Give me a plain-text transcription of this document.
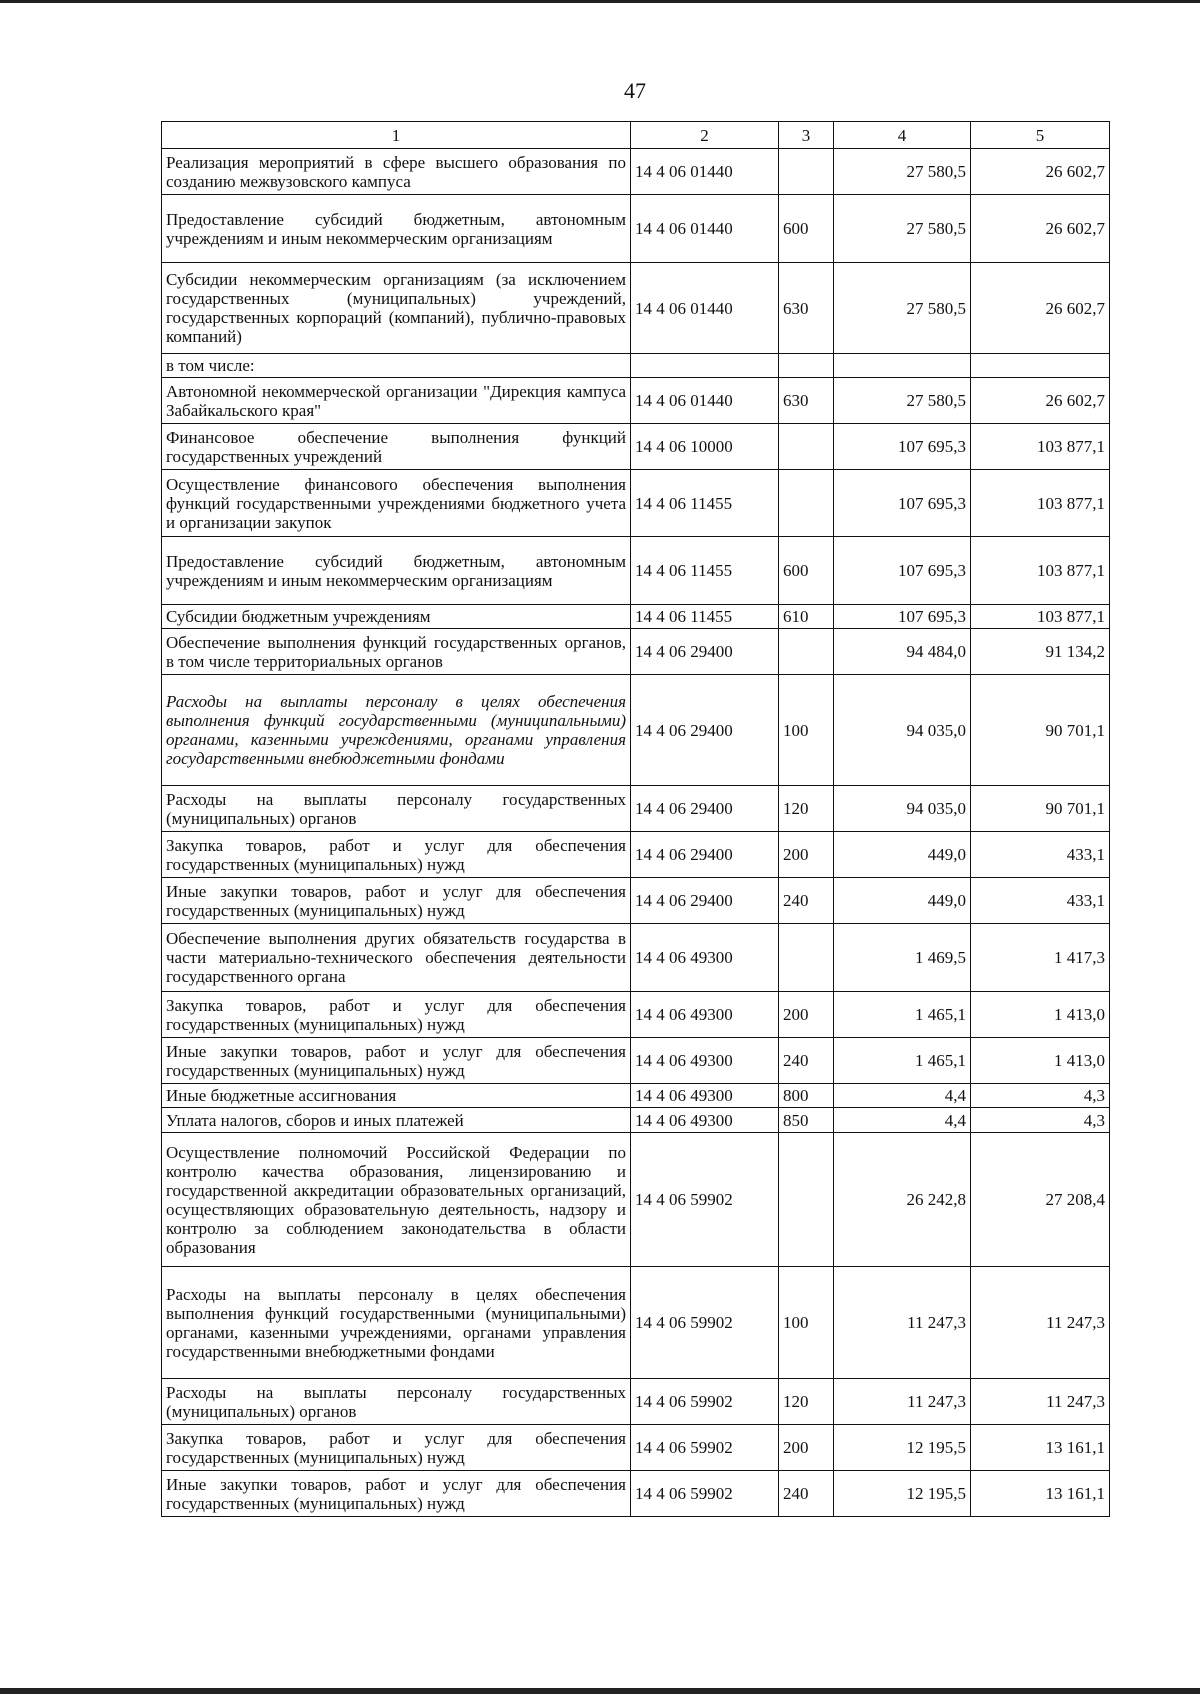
47
1	2	3	4	5
Реализация мероприятий в сфере высшего образования по созданию межвузовского кампуса	14 4 06 01440		27 580,5	26 602,7
Предоставление субсидий бюджетным, автономным учреждениям и иным некоммерческим организациям	14 4 06 01440	600	27 580,5	26 602,7
Субсидии некоммерческим организациям (за исключением государственных (муниципальных) учреждений, государственных корпораций (компаний), публично-правовых компаний)	14 4 06 01440	630	27 580,5	26 602,7
в том числе:				
Автономной некоммерческой организации "Дирекция кампуса Забайкальского края"	14 4 06 01440	630	27 580,5	26 602,7
Финансовое обеспечение выполнения функций государственных учреждений	14 4 06 10000		107 695,3	103 877,1
Осуществление финансового обеспечения выполнения функций государственными учреждениями бюджетного учета и организации закупок	14 4 06 11455		107 695,3	103 877,1
Предоставление субсидий бюджетным, автономным учреждениям и иным некоммерческим организациям	14 4 06 11455	600	107 695,3	103 877,1
Субсидии бюджетным учреждениям	14 4 06 11455	610	107 695,3	103 877,1
Обеспечение выполнения функций государственных органов, в том числе территориальных органов	14 4 06 29400		94 484,0	91 134,2
Расходы на выплаты персоналу в целях обеспечения выполнения функций государственными (муниципальными) органами, казенными учреждениями, органами управления государственными внебюджетными фондами	14 4 06 29400	100	94 035,0	90 701,1
Расходы на выплаты персоналу государственных (муниципальных) органов	14 4 06 29400	120	94 035,0	90 701,1
Закупка товаров, работ и услуг для обеспечения государственных (муниципальных) нужд	14 4 06 29400	200	449,0	433,1
Иные закупки товаров, работ и услуг для обеспечения государственных (муниципальных) нужд	14 4 06 29400	240	449,0	433,1
Обеспечение выполнения других обязательств государства в части материально-технического обеспечения деятельности государственного органа	14 4 06 49300		1 469,5	1 417,3
Закупка товаров, работ и услуг для обеспечения государственных (муниципальных) нужд	14 4 06 49300	200	1 465,1	1 413,0
Иные закупки товаров, работ и услуг для обеспечения государственных (муниципальных) нужд	14 4 06 49300	240	1 465,1	1 413,0
Иные бюджетные ассигнования	14 4 06 49300	800	4,4	4,3
Уплата налогов, сборов и иных платежей	14 4 06 49300	850	4,4	4,3
Осуществление полномочий Российской Федерации по контролю качества образования, лицензированию и государственной аккредитации образовательных организаций, осуществляющих образовательную деятельность, надзору и контролю за соблюдением законодательства в области образования	14 4 06 59902		26 242,8	27 208,4
Расходы на выплаты персоналу в целях обеспечения выполнения функций государственными (муниципальными) органами, казенными учреждениями, органами управления государственными внебюджетными фондами	14 4 06 59902	100	11 247,3	11 247,3
Расходы на выплаты персоналу государственных (муниципальных) органов	14 4 06 59902	120	11 247,3	11 247,3
Закупка товаров, работ и услуг для обеспечения государственных (муниципальных) нужд	14 4 06 59902	200	12 195,5	13 161,1
Иные закупки товаров, работ и услуг для обеспечения государственных (муниципальных) нужд	14 4 06 59902	240	12 195,5	13 161,1
